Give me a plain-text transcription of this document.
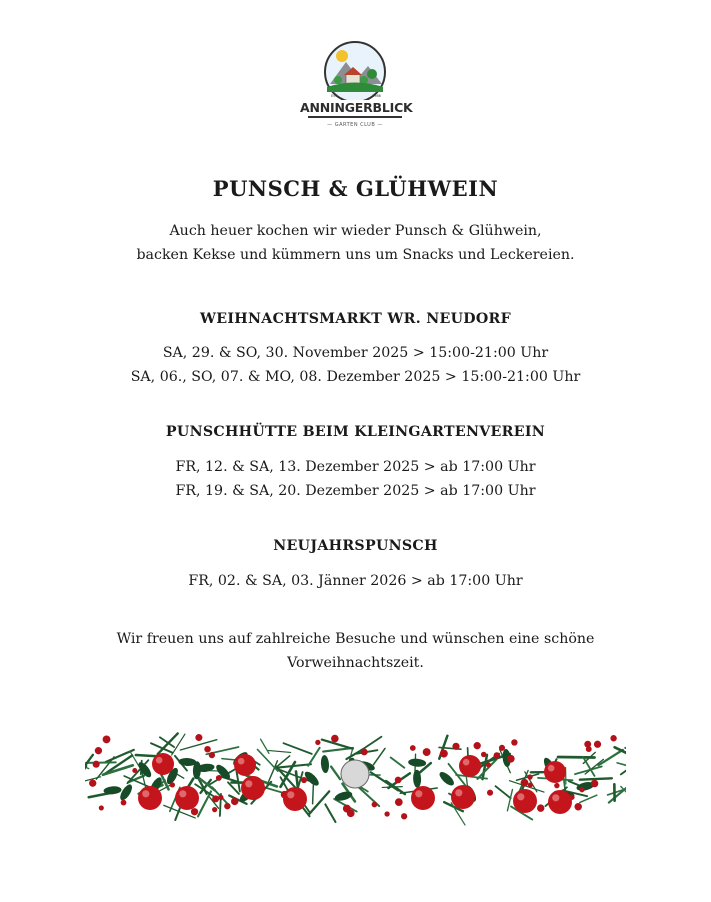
EST.	1986
ANNINGERBLICK
— GARTEN CLUB —
PUNSCH & GLÜHWEIN
Auch heuer kochen wir wieder Punsch & Glühwein,
backen Kekse und kümmern uns um Snacks und Leckereien.
WEIHNACHTSMARKT WR. NEUDORF
SA, 29. & SO, 30. November 2025 > 15:00-21:00 Uhr
SA, 06., SO, 07. & MO, 08. Dezember 2025 > 15:00-21:00 Uhr
PUNSCHHÜTTE BEIM KLEINGARTENVEREIN
FR, 12. & SA, 13. Dezember 2025 > ab 17:00 Uhr
FR, 19. & SA, 20. Dezember 2025 > ab 17:00 Uhr
NEUJAHRSPUNSCH
FR, 02. & SA, 03. Jänner 2026 > ab 17:00 Uhr
Wir freuen uns auf zahlreiche Besuche und wünschen eine schöne
Vorweihnachtszeit.
